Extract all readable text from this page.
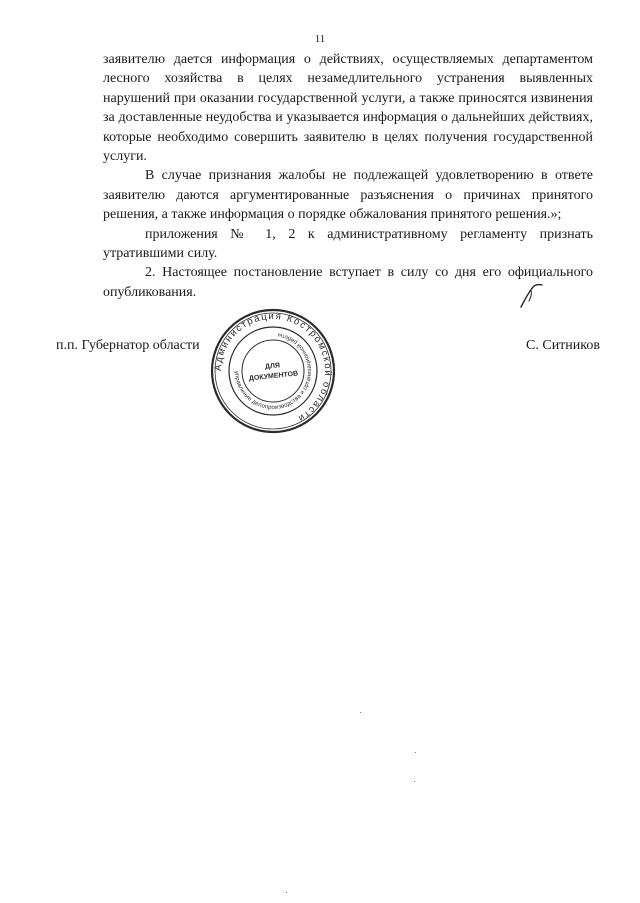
11

заявителю дается информация о действиях, осуществляемых департаментом лесного хозяйства в целях незамедлительного устранения выявленных нарушений при оказании государственной услуги, а также приносятся извинения за доставленные неудобства и указывается информация о дальнейших действиях, которые необходимо совершить заявителю в целях получения государственной услуги.

В случае признания жалобы не подлежащей удовлетворению в ответе заявителю даются аргументированные разъяснения о причинах принятого решения, а также информация о порядке обжалования принятого решения.»;

приложения № 1, 2 к административному регламенту признать утратившими силу.

2. Настоящее постановление вступает в силу со дня его официального опубликования.

п.п. Губернатор области	С. Ситников
Администрация Костромской области
управление делопроизводства и организационной работы
ДЛЯ
ДОКУМЕНТОВ
